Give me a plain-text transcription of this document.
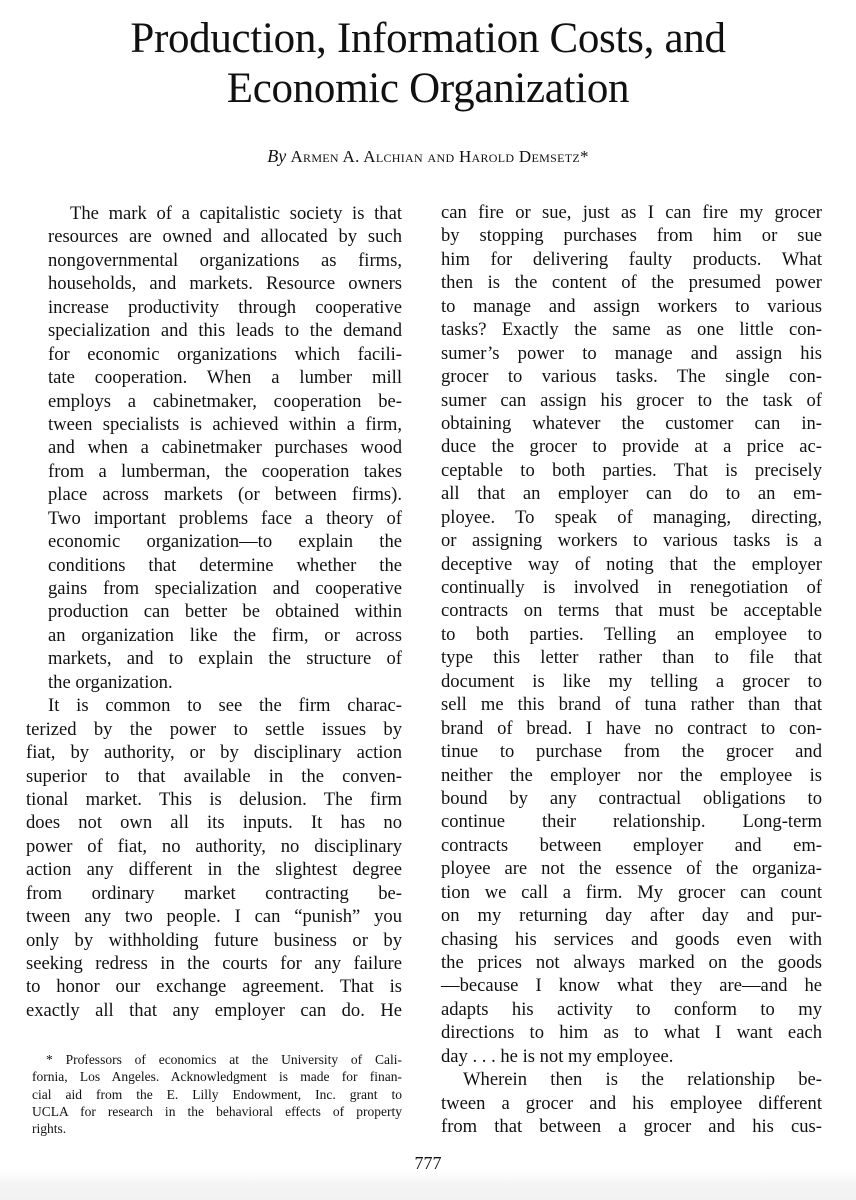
Production, Information Costs, and
Economic Organization
By Armen A. Alchian and Harold Demsetz*

The mark of a capitalistic society is that
resources are owned and allocated by such
nongovernmental organizations as firms,
households, and markets. Resource owners
increase productivity through cooperative
specialization and this leads to the demand
for economic organizations which facili-
tate cooperation. When a lumber mill
employs a cabinetmaker, cooperation be-
tween specialists is achieved within a firm,
and when a cabinetmaker purchases wood
from a lumberman, the cooperation takes
place across markets (or between firms).
Two important problems face a theory of
economic organization—to explain the
conditions that determine whether the
gains from specialization and cooperative
production can better be obtained within
an organization like the firm, or across
markets, and to explain the structure of
the organization.

It is common to see the firm charac-
terized by the power to settle issues by
fiat, by authority, or by disciplinary action
superior to that available in the conven-
tional market. This is delusion. The firm
does not own all its inputs. It has no
power of fiat, no authority, no disciplinary
action any different in the slightest degree
from ordinary market contracting be-
tween any two people. I can “punish” you
only by withholding future business or by
seeking redress in the courts for any failure
to honor our exchange agreement. That is
exactly all that any employer can do. He

* Professors of economics at the University of Cali-
fornia, Los Angeles. Acknowledgment is made for finan-
cial aid from the E. Lilly Endowment, Inc. grant to
UCLA for research in the behavioral effects of property
rights.

can fire or sue, just as I can fire my grocer
by stopping purchases from him or sue
him for delivering faulty products. What
then is the content of the presumed power
to manage and assign workers to various
tasks? Exactly the same as one little con-
sumer’s power to manage and assign his
grocer to various tasks. The single con-
sumer can assign his grocer to the task of
obtaining whatever the customer can in-
duce the grocer to provide at a price ac-
ceptable to both parties. That is precisely
all that an employer can do to an em-
ployee. To speak of managing, directing,
or assigning workers to various tasks is a
deceptive way of noting that the employer
continually is involved in renegotiation of
contracts on terms that must be acceptable
to both parties. Telling an employee to
type this letter rather than to file that
document is like my telling a grocer to
sell me this brand of tuna rather than that
brand of bread. I have no contract to con-
tinue to purchase from the grocer and
neither the employer nor the employee is
bound by any contractual obligations to
continue their relationship. Long-term
contracts between employer and em-
ployee are not the essence of the organiza-
tion we call a firm. My grocer can count
on my returning day after day and pur-
chasing his services and goods even with
the prices not always marked on the goods
—because I know what they are—and he
adapts his activity to conform to my
directions to him as to what I want each
day . . . he is not my employee.

Wherein then is the relationship be-
tween a grocer and his employee different
from that between a grocer and his cus-

777
